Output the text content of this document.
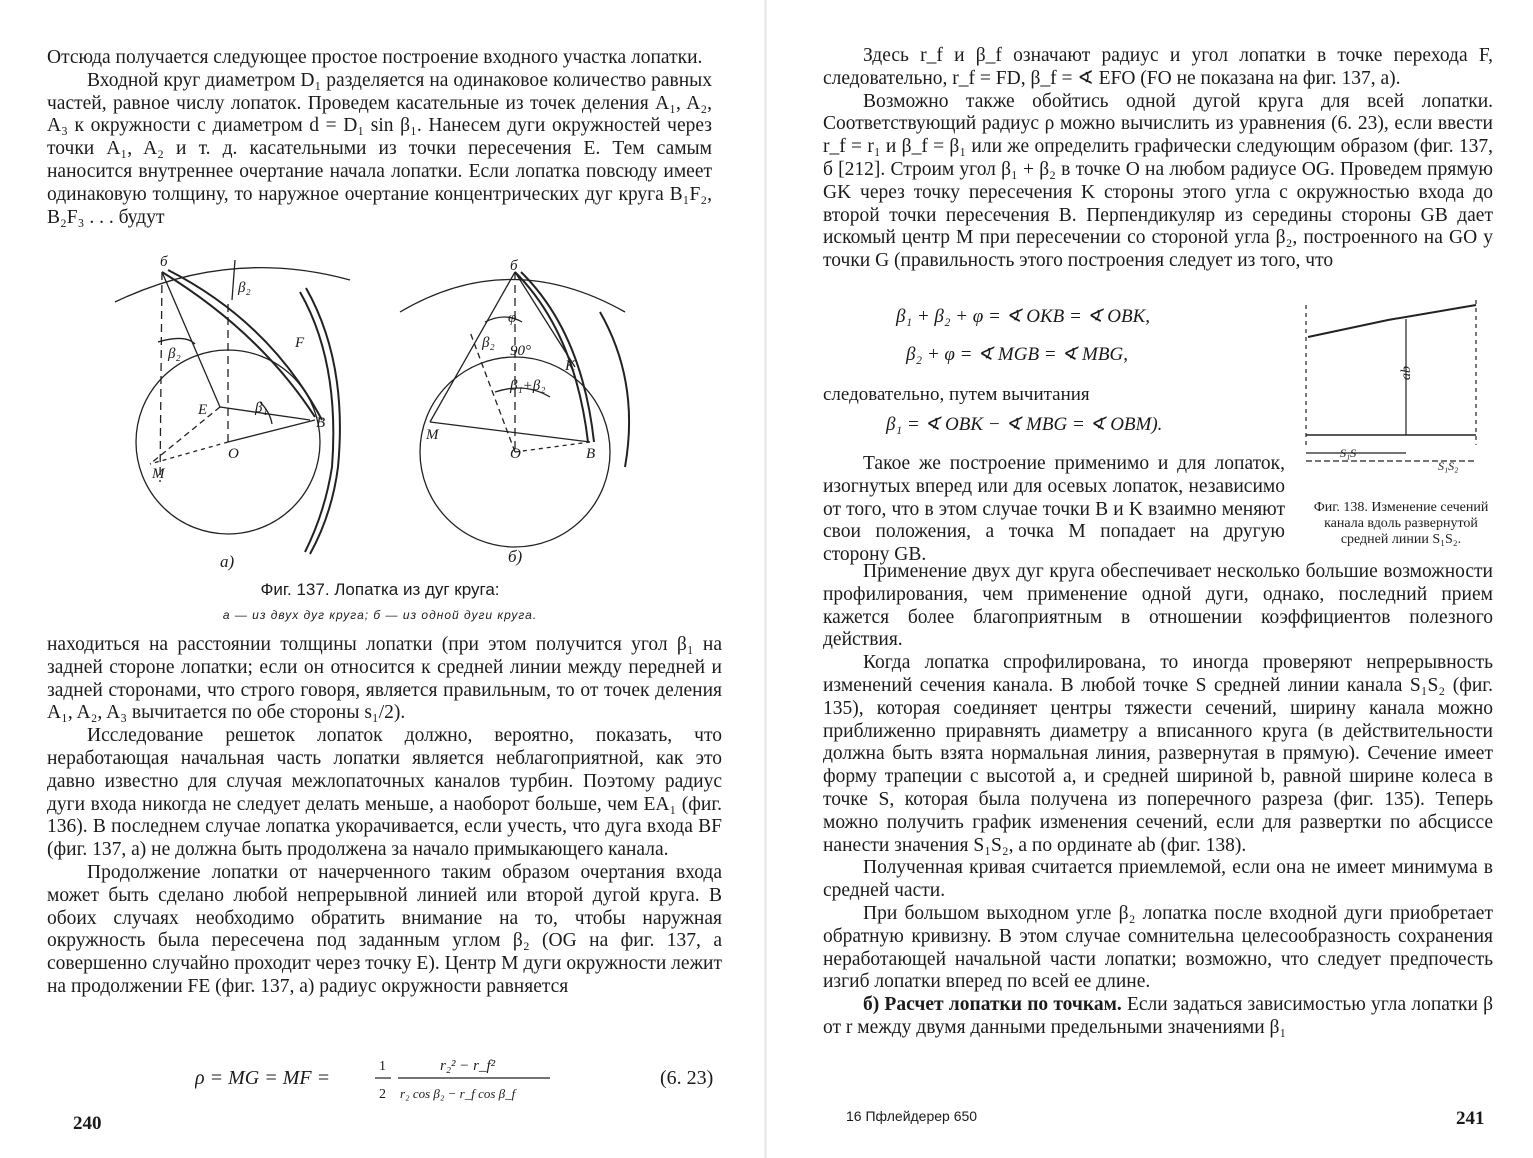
Отсюда получается следующее простое построение входного участка лопатки.

Входной круг диаметром D₁ разделяется на одинаковое количество равных частей, равное числу лопаток. Проведем касательные из точек деления A₁, A₂, A₃ к окружности с диаметром d = D₁ sin β₁. Нанесем дуги окружностей через точки A₁, A₂ и т. д. касательными из точки пересечения E. Тем самым наносится внутреннее очертание начала лопатки. Если лопатка повсюду имеет одинаковую толщину, то наружное очертание концентрических дуг круга B₁F₂, B₂F₃ . . . будут

б
β₂
β₂
F
β₁
E
B
O
M
а)
б
φ
β₂ 90°
K
β₁+β₂
M
O	B
б)

Фиг. 137. Лопатка из дуг круга:

а — из двух дуг круга; б — из одной дуги круга.

находиться на расстоянии толщины лопатки (при этом получится угол β₁ на задней стороне лопатки; если он относится к средней линии между передней и задней сторонами, что строго говоря, является правильным, то от точек деления A₁, A₂, A₃ вычитается по обе стороны s₁/2).

Исследование решеток лопаток должно, вероятно, показать, что неработающая начальная часть лопатки является неблагоприятной, как это давно известно для случая межлопаточных каналов турбин. Поэтому радиус дуги входа никогда не следует делать меньше, а наоборот больше, чем EA₁ (фиг. 136). В последнем случае лопатка укорачивается, если учесть, что дуга входа BF (фиг. 137, а) не должна быть продолжена за начало примыкающего канала.

Продолжение лопатки от начерченного таким образом очертания входа может быть сделано любой непрерывной линией или второй дугой круга. В обоих случаях необходимо обратить внимание на то, чтобы наружная окружность была пересечена под заданным углом β₂ (OG на фиг. 137, а совершенно случайно проходит через точку E). Центр M дуги окружности лежит на продолжении FE (фиг. 137, а) радиус окружности равняется

ρ = MG = MF =
1
2
r₂² − r_f²
r₂ cos β₂ − r_f cos β_f
(6. 23)

240

Здесь r_f и β_f означают радиус и угол лопатки в точке перехода F, следовательно, r_f = FD, β_f = ∢ EFO (FO не показана на фиг. 137, а).

Возможно также обойтись одной дугой круга для всей лопатки. Соответствующий радиус ρ можно вычислить из уравнения (6. 23), если ввести r_f = r₁ и β_f = β₁ или же определить графически следующим образом (фиг. 137, б [212]. Строим угол β₁ + β₂ в точке O на любом радиусе OG. Проведем прямую GK через точку пересечения K стороны этого угла с окружностью входа до второй точки пересечения B. Перпендикуляр из середины стороны GB дает искомый центр M при пересечении со стороной угла β₂, построенного на GO у точки G (правильность этого построения следует из того, что

β₁ + β₂ + φ = ∢ OKB = ∢ OBK,

β₂ + φ = ∢ MGB = ∢ MBG,

следовательно, путем вычитания

β₁ = ∢ OBK − ∢ MBG = ∢ OBM).

ab
S₁S
S₁S₂

Фиг. 138. Изменение сечений канала вдоль развернутой средней линии S₁S₂.

Такое же построение применимо и для лопаток, изогнутых вперед или для осевых лопаток, независимо от того, что в этом случае точки B и K взаимно меняют свои положения, а точка M попадает на другую сторону GB.

Применение двух дуг круга обеспечивает несколько большие возможности профилирования, чем применение одной дуги, однако, последний прием кажется более благоприятным в отношении коэффициентов полезного действия.

Когда лопатка спрофилирована, то иногда проверяют непрерывность изменений сечения канала. В любой точке S средней линии канала S₁S₂ (фиг. 135), которая соединяет центры тяжести сечений, ширину канала можно приближенно приравнять диаметру a вписанного круга (в действительности должна быть взята нормальная линия, развернутая в прямую). Сечение имеет форму трапеции с высотой a, и средней шириной b, равной ширине колеса в точке S, которая была получена из поперечного разреза (фиг. 135). Теперь можно получить график изменения сечений, если для развертки по абсциссе нанести значения S₁S₂, а по ординате ab (фиг. 138).

Полученная кривая считается приемлемой, если она не имеет минимума в средней части.

При большом выходном угле β₂ лопатка после входной дуги приобретает обратную кривизну. В этом случае сомнительна целесообразность сохранения неработающей начальной части лопатки; возможно, что следует предпочесть изгиб лопатки вперед по всей ее длине.

б) Расчет лопатки по точкам. Если задаться зависимостью угла лопатки β от r между двумя данными предельными значениями β₁

16 Пфлейдерер 650	241
